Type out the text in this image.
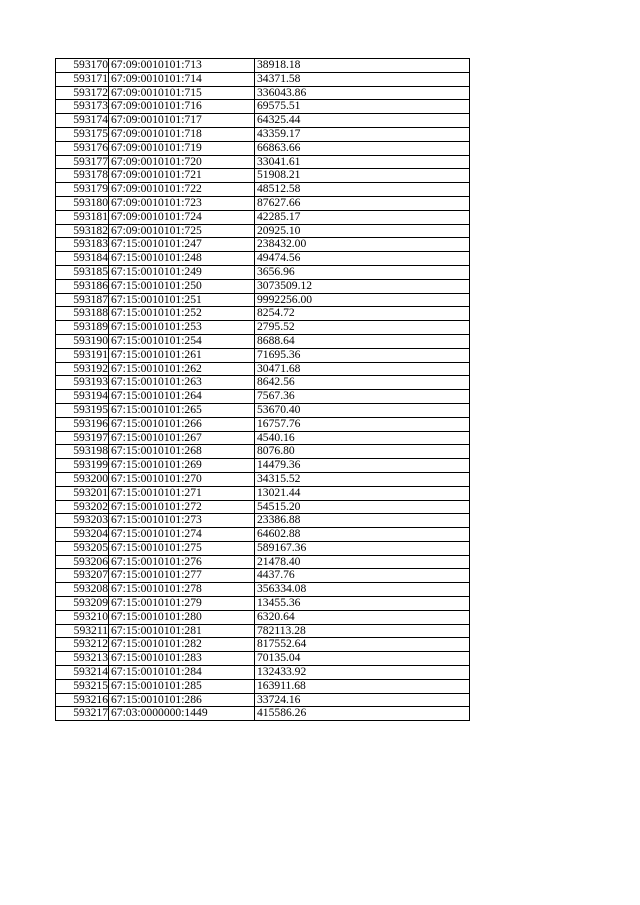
593170	67:09:0010101:713	38918.18
593171	67:09:0010101:714	34371.58
593172	67:09:0010101:715	336043.86
593173	67:09:0010101:716	69575.51
593174	67:09:0010101:717	64325.44
593175	67:09:0010101:718	43359.17
593176	67:09:0010101:719	66863.66
593177	67:09:0010101:720	33041.61
593178	67:09:0010101:721	51908.21
593179	67:09:0010101:722	48512.58
593180	67:09:0010101:723	87627.66
593181	67:09:0010101:724	42285.17
593182	67:09:0010101:725	20925.10
593183	67:15:0010101:247	238432.00
593184	67:15:0010101:248	49474.56
593185	67:15:0010101:249	3656.96
593186	67:15:0010101:250	3073509.12
593187	67:15:0010101:251	9992256.00
593188	67:15:0010101:252	8254.72
593189	67:15:0010101:253	2795.52
593190	67:15:0010101:254	8688.64
593191	67:15:0010101:261	71695.36
593192	67:15:0010101:262	30471.68
593193	67:15:0010101:263	8642.56
593194	67:15:0010101:264	7567.36
593195	67:15:0010101:265	53670.40
593196	67:15:0010101:266	16757.76
593197	67:15:0010101:267	4540.16
593198	67:15:0010101:268	8076.80
593199	67:15:0010101:269	14479.36
593200	67:15:0010101:270	34315.52
593201	67:15:0010101:271	13021.44
593202	67:15:0010101:272	54515.20
593203	67:15:0010101:273	23386.88
593204	67:15:0010101:274	64602.88
593205	67:15:0010101:275	589167.36
593206	67:15:0010101:276	21478.40
593207	67:15:0010101:277	4437.76
593208	67:15:0010101:278	356334.08
593209	67:15:0010101:279	13455.36
593210	67:15:0010101:280	6320.64
593211	67:15:0010101:281	782113.28
593212	67:15:0010101:282	817552.64
593213	67:15:0010101:283	70135.04
593214	67:15:0010101:284	132433.92
593215	67:15:0010101:285	163911.68
593216	67:15:0010101:286	33724.16
593217	67:03:0000000:1449	415586.26
